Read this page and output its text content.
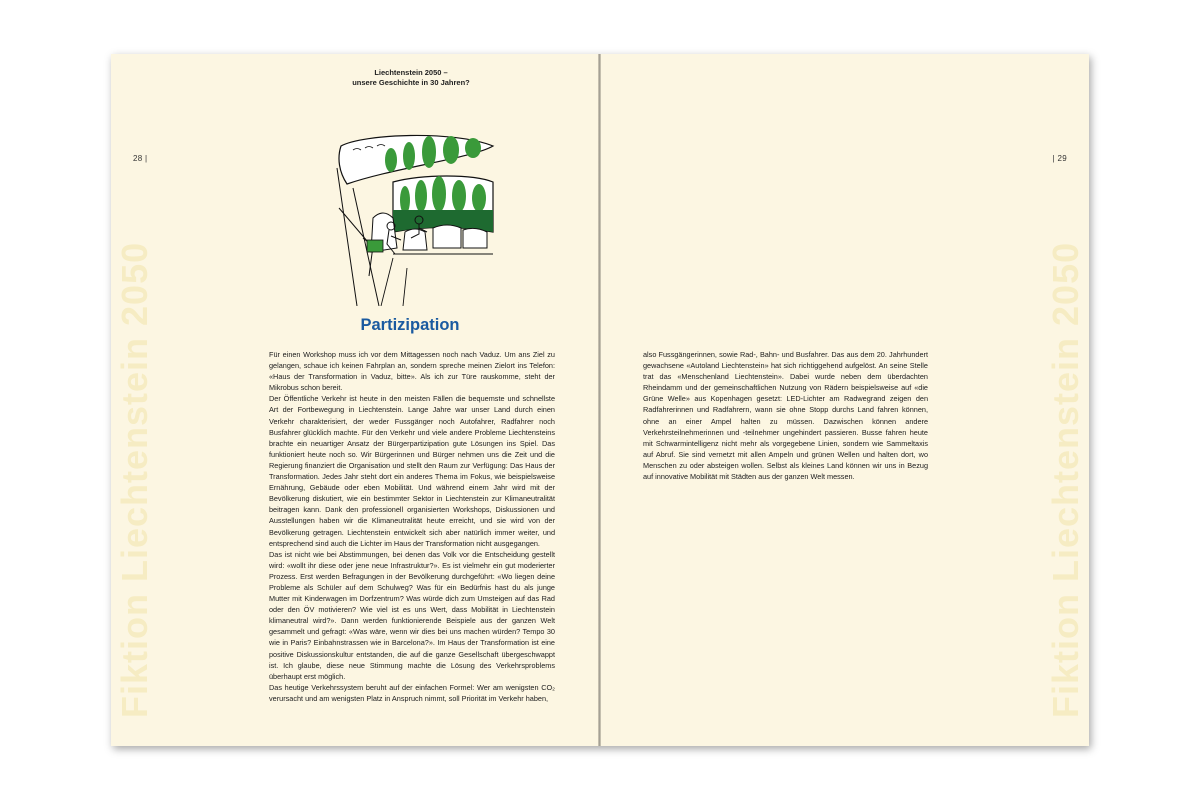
28 |
Fiktion Liechtenstein 2050
Liechtenstein 2050 –
unsere Geschichte in 30 Jahren?
Partizipation

Für einen Workshop muss ich vor dem Mittagessen noch nach Vaduz. Um ans Ziel zu gelangen, schaue ich keinen Fahrplan an, sondern spreche meinen Zielort ins Telefon: «Haus der Transformation in Vaduz, bitte». Als ich zur Türe rauskomme, steht der Mikrobus schon bereit.

Der Öffentliche Verkehr ist heute in den meisten Fällen die bequemste und schnellste Art der Fortbewegung in Liechtenstein. Lange Jahre war unser Land durch einen Verkehr charakterisiert, der weder Fussgänger noch Autofahrer, Radfahrer noch Busfahrer glücklich machte. Für den Verkehr und viele andere Probleme Liechtensteins brachte ein neuartiger Ansatz der Bürgerpartizipation gute Lösungen ins Spiel. Das funktioniert heute noch so. Wir Bürgerinnen und Bürger nehmen uns die Zeit und die Regierung finanziert die Organisation und stellt den Raum zur Verfügung: Das Haus der Transformation. Jedes Jahr steht dort ein anderes Thema im Fokus, wie beispielsweise Ernährung, Gebäude oder eben Mobilität. Und während einem Jahr wird mit der Bevölkerung diskutiert, wie ein bestimmter Sektor in Liechtenstein zur Klimaneutralität beitragen kann. Dank den professionell organisierten Workshops, Diskussionen und Ausstellungen haben wir die Klimaneutralität heute erreicht, und sie wird von der Bevölkerung getragen. Liechtenstein entwickelt sich aber natürlich immer weiter, und entsprechend sind auch die Lichter im Haus der Transformation nicht ausgegangen.

Das ist nicht wie bei Abstimmungen, bei denen das Volk vor die Entscheidung gestellt wird: «wollt ihr diese oder jene neue Infrastruktur?». Es ist vielmehr ein gut moderierter Prozess. Erst werden Befragungen in der Bevölkerung durchgeführt: «Wo liegen deine Probleme als Schüler auf dem Schulweg? Was für ein Bedürfnis hast du als junge Mutter mit Kinderwagen im Dorfzentrum? Was würde dich zum Umsteigen auf das Rad oder den ÖV motivieren? Wie viel ist es uns Wert, dass Mobilität in Liechtenstein klimaneutral wird?». Dann werden funktionierende Beispiele aus der ganzen Welt gesammelt und gefragt: «Was wäre, wenn wir dies bei uns machen würden? Tempo 30 wie in Paris? Einbahnstrassen wie in Barcelona?». Im Haus der Transformation ist eine positive Diskussionskultur entstanden, die auf die ganze Gesellschaft übergeschwappt ist. Ich glaube, diese neue Stimmung machte die Lösung des Verkehrsproblems überhaupt erst möglich.

Das heutige Verkehrssystem beruht auf der einfachen Formel: Wer am wenigsten CO₂ verursacht und am wenigsten Platz in Anspruch nimmt, soll Priorität im Verkehr haben,

| 29
Fiktion Liechtenstein 2050

also Fussgängerinnen, sowie Rad-, Bahn- und Busfahrer. Das aus dem 20. Jahrhundert gewachsene «Autoland Liechtenstein» hat sich richtiggehend aufgelöst. An seine Stelle trat das «Menschenland Liechtenstein». Dabei wurde neben dem überdachten Rheindamm und der gemeinschaftlichen Nutzung von Rädern beispielsweise auf «die Grüne Welle» aus Kopenhagen gesetzt: LED-Lichter am Radwegrand zeigen den Radfahrerinnen und Radfahrern, wann sie ohne Stopp durchs Land fahren können, ohne an einer Ampel halten zu müssen. Dazwischen können andere Verkehrsteilnehmerinnen und -teilnehmer ungehindert passieren. Busse fahren heute mit Schwarmintelligenz nicht mehr als vorgegebene Linien, sondern wie Sammeltaxis auf Abruf. Sie sind vernetzt mit allen Ampeln und grünen Wellen und halten dort, wo Menschen zu oder absteigen wollen. Selbst als kleines Land können wir uns in Bezug auf innovative Mobilität mit Städten aus der ganzen Welt messen.
